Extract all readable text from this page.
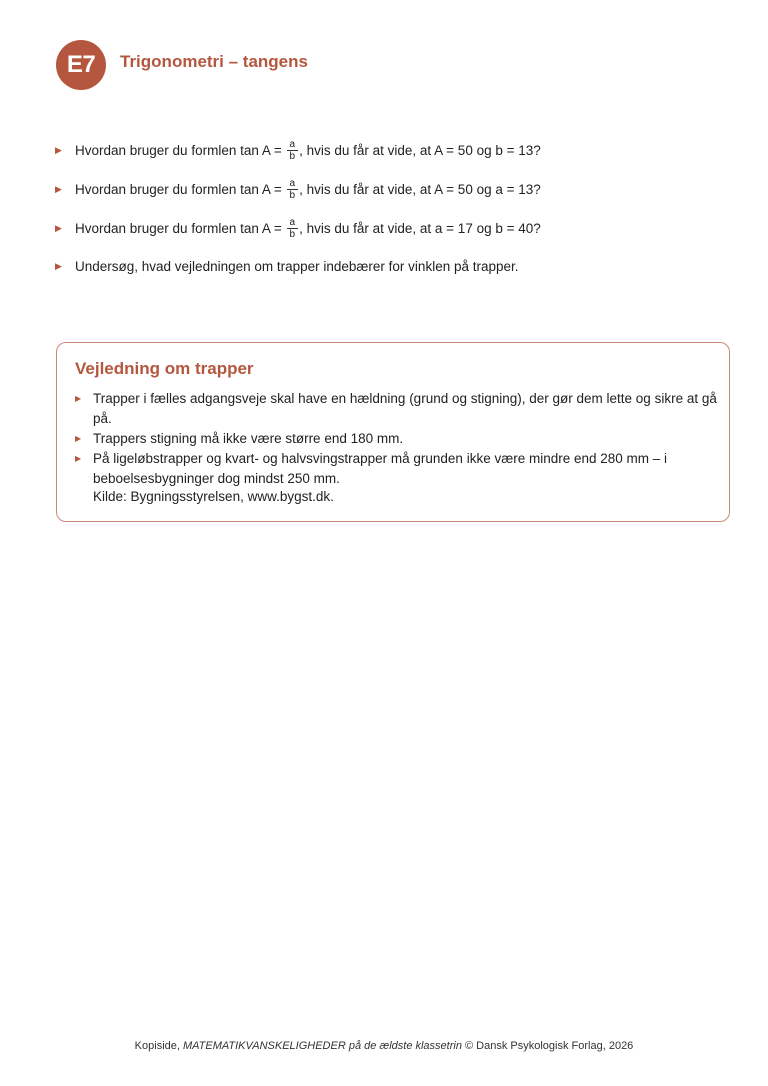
E7	Trigonometri – tangens
▶ Hvordan bruger du formlen tan A =
$\frac{a}{b}$ , hvis du får at vide, at A = 50 og b = 13?
▶ Hvordan bruger du formlen tan A =
$\frac{a}{b}$ , hvis du får at vide, at A = 50 og a = 13?
▶ Hvordan bruger du formlen tan A =
$\frac{a}{b}$ , hvis du får at vide, at a = 17 og b = 40?
▶ Undersøg, hvad vejledningen om trapper indebærer for vinklen på trapper.
Vejledning om trapper
▶ Trapper i fælles adgangsveje skal have en hældning (grund og stigning), der gør dem lette og sikre at gå på.
▶ Trappers stigning må ikke være større end 180 mm.
▶ På ligeløbstrapper og kvart- og halvsvingstrapper må grunden ikke være mindre end 280 mm – i beboelsesbygninger dog mindst 250 mm.
Kilde: Bygningsstyrelsen, www.bygst.dk.
Kopiside, MATEMATIKVANSKELIGHEDER på de ældste klassetrin © Dansk Psykologisk Forlag, 2026
